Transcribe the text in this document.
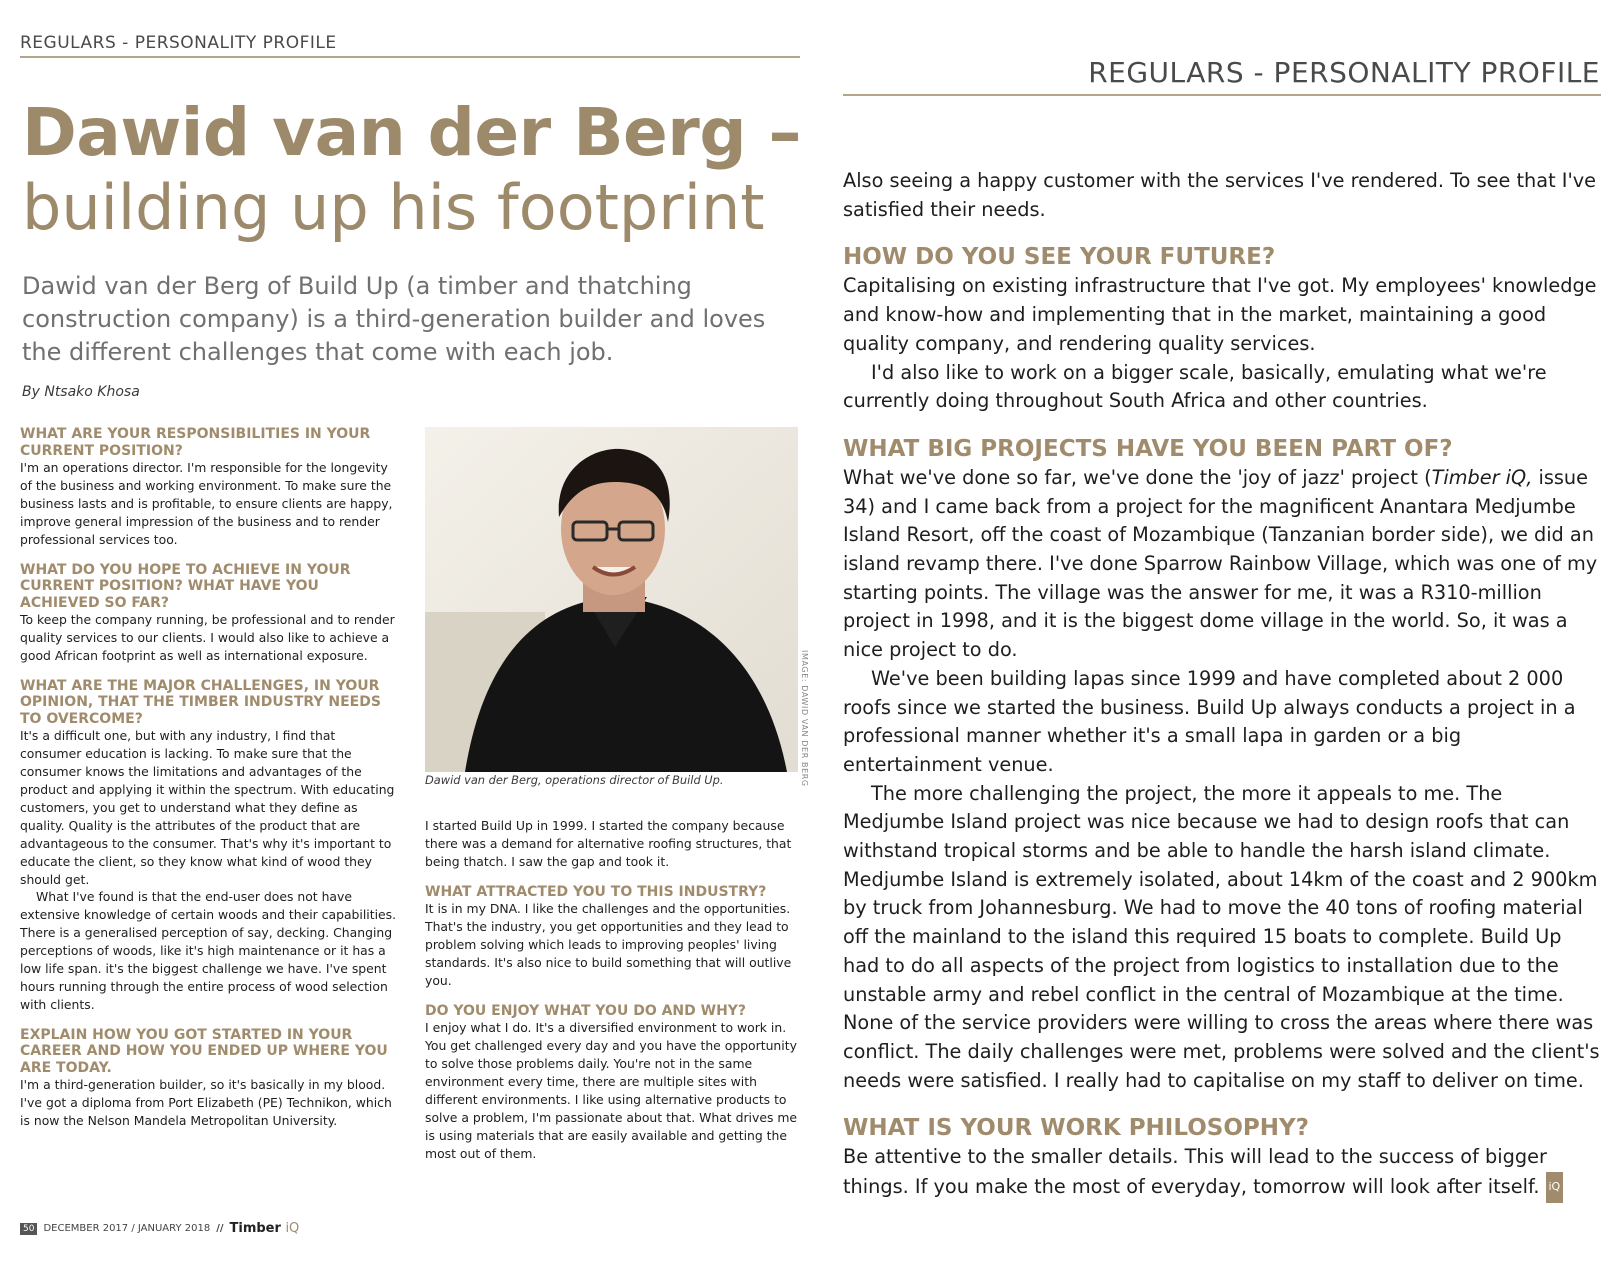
REGULARS - PERSONALITY PROFILE
Dawid van der Berg –
building up his footprint
Dawid van der Berg of Build Up (a timber and thatching construction company) is a third-generation builder and loves the different challenges that come with each job.
By Ntsako Khosa
WHAT ARE YOUR RESPONSIBILITIES IN YOUR CURRENT POSITION?

I'm an operations director. I'm responsible for the longevity of the business and working environment. To make sure the business lasts and is profitable, to ensure clients are happy, improve general impression of the business and to render professional services too.

WHAT DO YOU HOPE TO ACHIEVE IN YOUR CURRENT POSITION? WHAT HAVE YOU ACHIEVED SO FAR?

To keep the company running, be professional and to render quality services to our clients. I would also like to achieve a good African footprint as well as international exposure.

WHAT ARE THE MAJOR CHALLENGES, IN YOUR OPINION, THAT THE TIMBER INDUSTRY NEEDS TO OVERCOME?

It's a difficult one, but with any industry, I find that consumer education is lacking. To make sure that the consumer knows the limitations and advantages of the product and applying it within the spectrum. With educating customers, you get to understand what they define as quality. Quality is the attributes of the product that are advantageous to the consumer. That's why it's important to educate the client, so they know what kind of wood they should get.

What I've found is that the end-user does not have extensive knowledge of certain woods and their capabilities. There is a generalised perception of say, decking. Changing perceptions of woods, like it's high maintenance or it has a low life span. it's the biggest challenge we have. I've spent hours running through the entire process of wood selection with clients.

EXPLAIN HOW YOU GOT STARTED IN YOUR CAREER AND HOW YOU ENDED UP WHERE YOU ARE TODAY.

I'm a third-generation builder, so it's basically in my blood. I've got a diploma from Port Elizabeth (PE) Technikon, which is now the Nelson Mandela Metropolitan University.

IMAGE: DAWID VAN DER BERG
Dawid van der Berg, operations director of Build Up.

I started Build Up in 1999. I started the company because there was a demand for alternative roofing structures, that being thatch. I saw the gap and took it.

WHAT ATTRACTED YOU TO THIS INDUSTRY?

It is in my DNA. I like the challenges and the opportunities. That's the industry, you get opportunities and they lead to problem solving which leads to improving peoples' living standards. It's also nice to build something that will outlive you.

DO YOU ENJOY WHAT YOU DO AND WHY?

I enjoy what I do. It's a diversified environment to work in. You get challenged every day and you have the opportunity to solve those problems daily. You're not in the same environment every time, there are multiple sites with different environments. I like using alternative products to solve a problem, I'm passionate about that. What drives me is using materials that are easily available and getting the most out of them.

50 DECEMBER 2017 / JANUARY 2018 // Timber iQ
REGULARS - PERSONALITY PROFILE

Also seeing a happy customer with the services I've rendered. To see that I've satisfied their needs.

HOW DO YOU SEE YOUR FUTURE?

Capitalising on existing infrastructure that I've got. My employees' knowledge and know-how and implementing that in the market, maintaining a good quality company, and rendering quality services.

I'd also like to work on a bigger scale, basically, emulating what we're currently doing throughout South Africa and other countries.

WHAT BIG PROJECTS HAVE YOU BEEN PART OF?

What we've done so far, we've done the 'joy of jazz' project (Timber iQ, issue 34) and I came back from a project for the magnificent Anantara Medjumbe Island Resort, off the coast of Mozambique (Tanzanian border side), we did an island revamp there. I've done Sparrow Rainbow Village, which was one of my starting points. The village was the answer for me, it was a R310-million project in 1998, and it is the biggest dome village in the world. So, it was a nice project to do.

We've been building lapas since 1999 and have completed about 2 000 roofs since we started the business. Build Up always conducts a project in a professional manner whether it's a small lapa in garden or a big entertainment venue.

The more challenging the project, the more it appeals to me. The Medjumbe Island project was nice because we had to design roofs that can withstand tropical storms and be able to handle the harsh island climate. Medjumbe Island is extremely isolated, about 14km of the coast and 2 900km by truck from Johannesburg. We had to move the 40 tons of roofing material off the mainland to the island this required 15 boats to complete. Build Up had to do all aspects of the project from logistics to installation due to the unstable army and rebel conflict in the central of Mozambique at the time. None of the service providers were willing to cross the areas where there was conflict. The daily challenges were met, problems were solved and the client's needs were satisfied. I really had to capitalise on my staff to deliver on time.

WHAT IS YOUR WORK PHILOSOPHY?

Be attentive to the smaller details. This will lead to the success of bigger things. If you make the most of everyday, tomorrow will look after itself. iQ
